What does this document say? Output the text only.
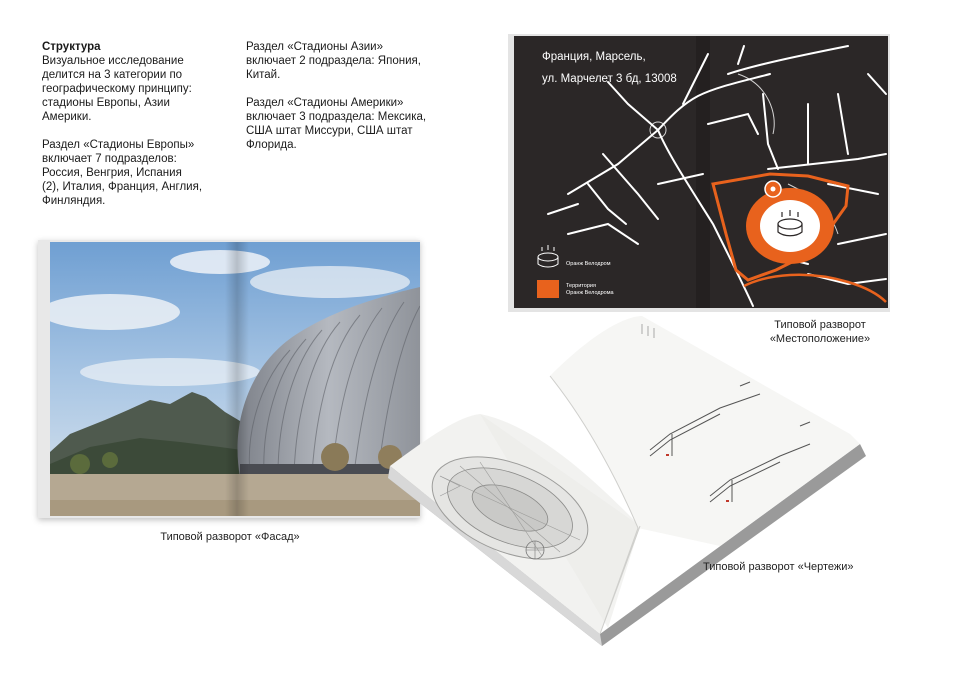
Структура

Визуальное исследование
делится на 3 категории по
географическому принципу:
стадионы Европы, Азии
Америки.

Раздел «Стадионы Европы»
включает 7 подразделов:
Россия, Венгрия, Испания
(2), Италия, Франция, Англия,
Финляндия.

Раздел «Стадионы Азии»
включает 2 подраздела: Япония,
Китай.

Раздел «Стадионы Америки»
включает 3 подраздела: Мексика,
США штат Миссури, США штат
Флорида.

Типовой разворот «Фасад»
Франция, Марсель,
ул. Марчелет 3 бд, 13008
Оранж Велодром
Территория
Оранж Велодрома
Типовой разворот
«Местоположение»
Типовой разворот «Чертежи»
